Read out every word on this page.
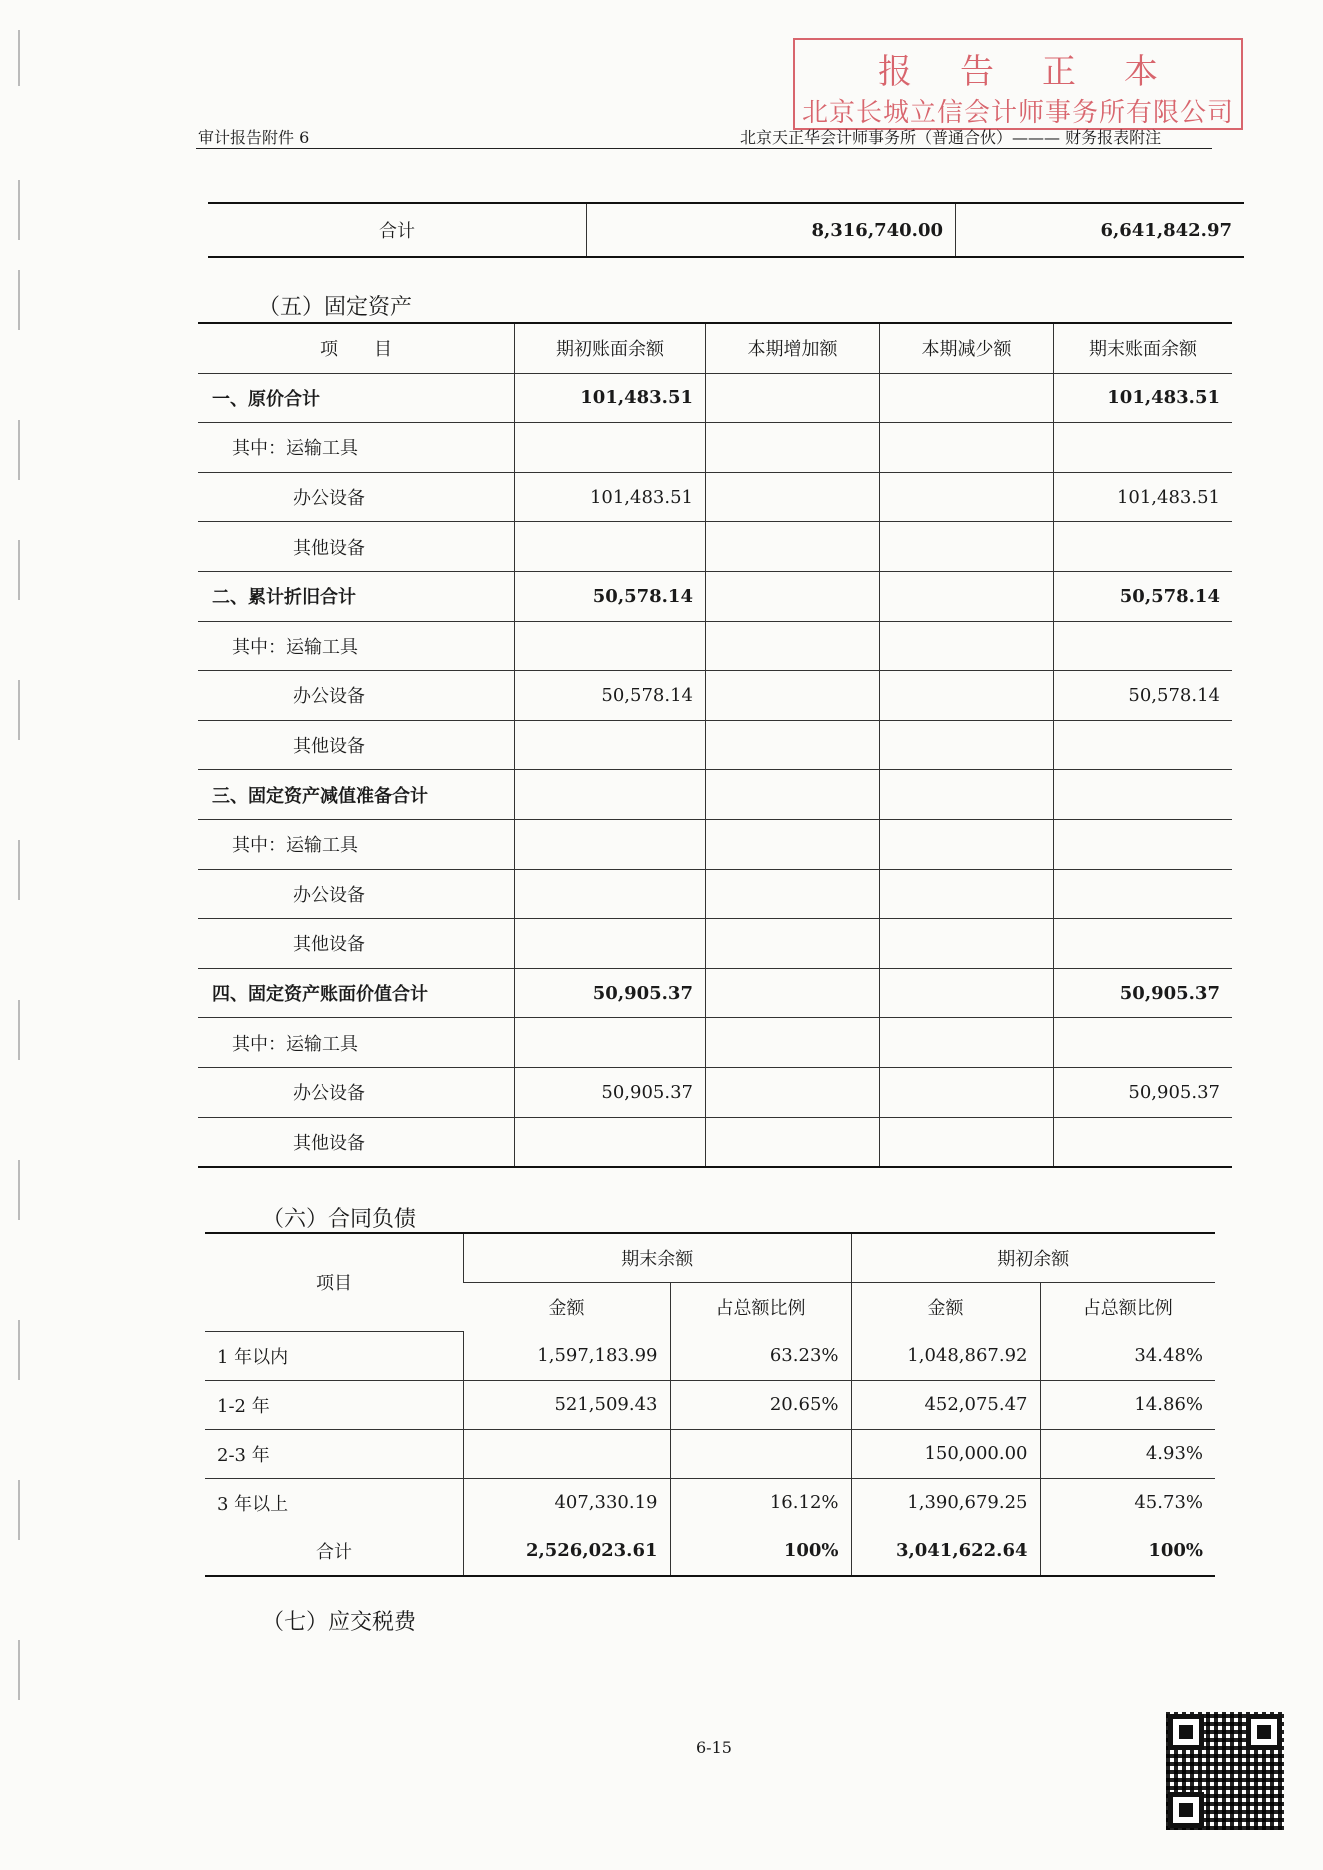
报告正本
北京长城立信会计师事务所有限公司
审计报告附件 6	北京天正华会计师事务所（普通合伙）——— 财务报表附注
合计	8,316,740.00	6,641,842.97
（五）固定资产
项　　目	期初账面余额	本期增加额	本期减少额	期末账面余额
一、原价合计	101,483.51			101,483.51
其中：运输工具				
办公设备	101,483.51			101,483.51
其他设备				
二、累计折旧合计	50,578.14			50,578.14
其中：运输工具				
办公设备	50,578.14			50,578.14
其他设备				
三、固定资产减值准备合计				
其中：运输工具				
办公设备				
其他设备				
四、固定资产账面价值合计	50,905.37			50,905.37
其中：运输工具				
办公设备	50,905.37			50,905.37
其他设备				
（六）合同负债
项目	期末余额		期初余额	
	金额	占总额比例	金额	占总额比例
1 年以内	1,597,183.99	63.23%	1,048,867.92	34.48%
1-2 年	521,509.43	20.65%	452,075.47	14.86%
2-3 年			150,000.00	4.93%
3 年以上	407,330.19	16.12%	1,390,679.25	45.73%
合计	2,526,023.61	100%	3,041,622.64	100%
（七）应交税费
6-15
